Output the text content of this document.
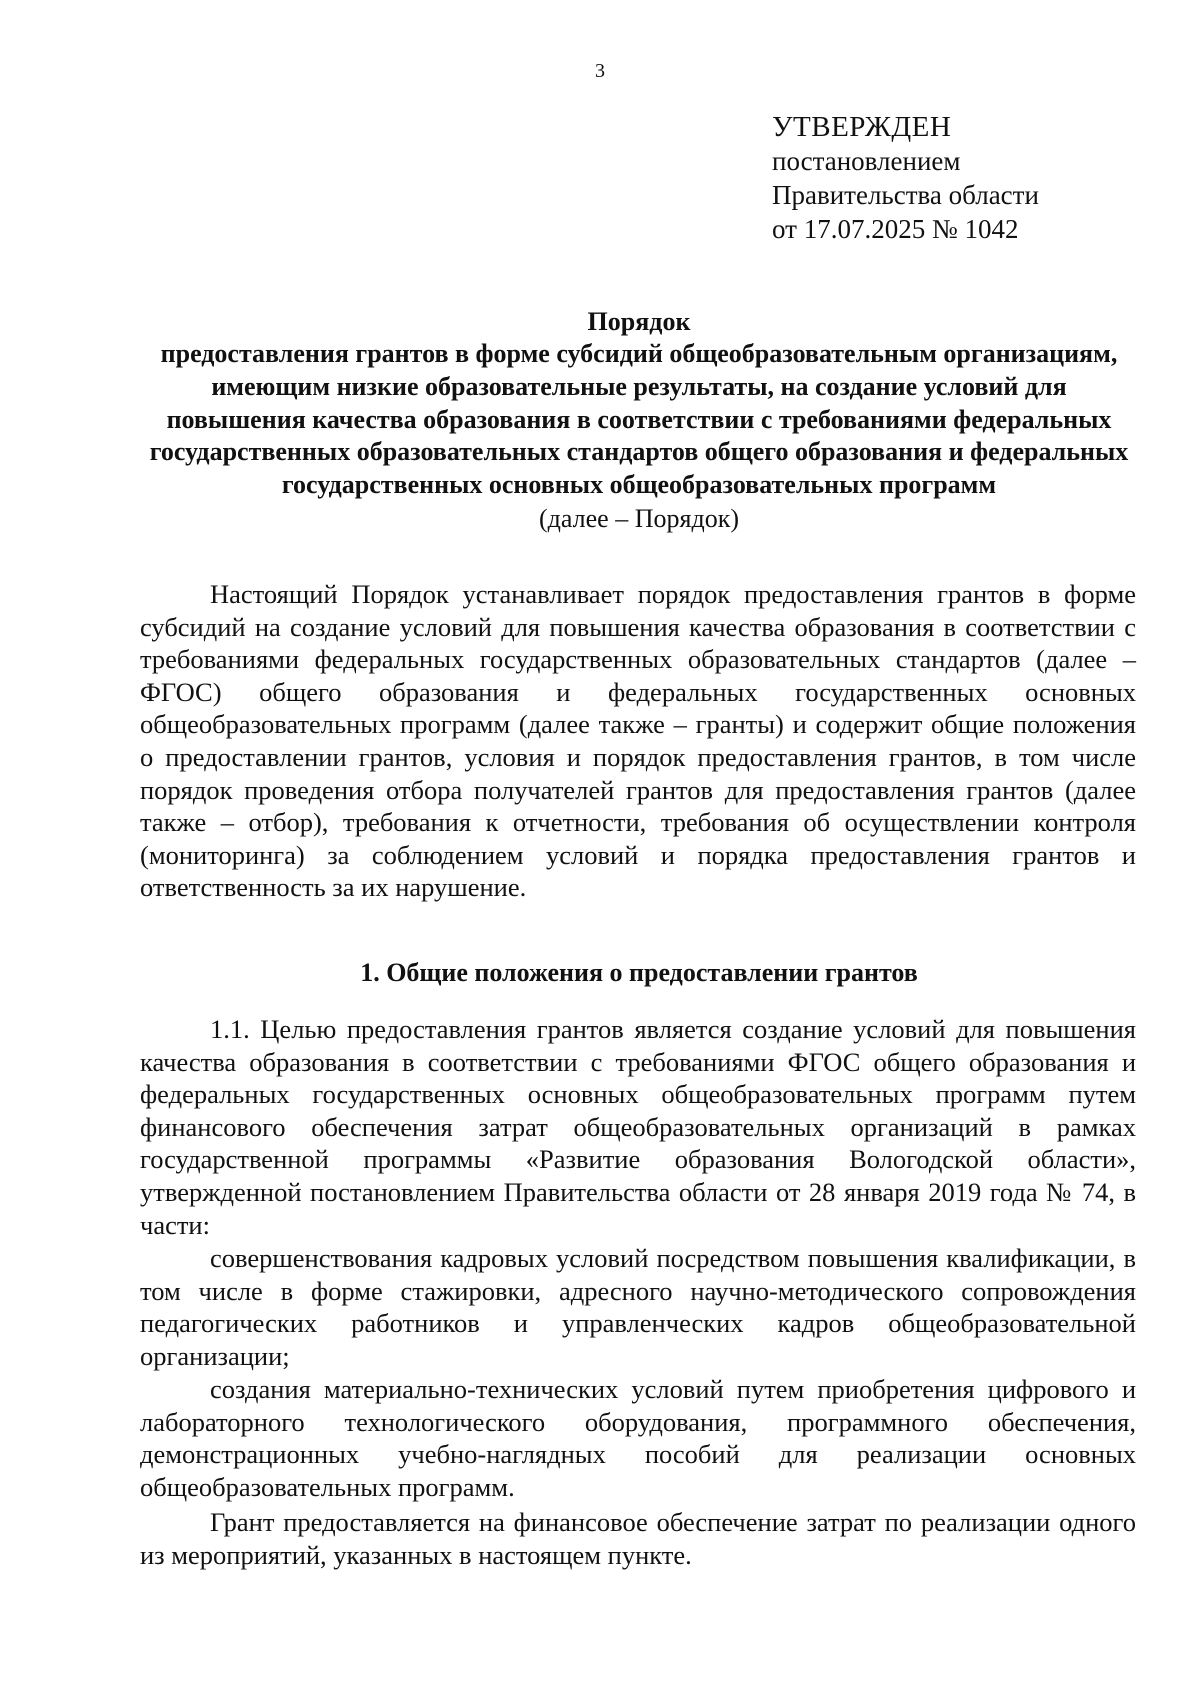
3
УТВЕРЖДЕН
постановлением
Правительства области
от 17.07.2025 № 1042
Порядок
предоставления грантов в форме субсидий общеобразовательным организациям, имеющим низкие образовательные результаты, на создание условий для повышения качества образования в соответствии с требованиями федеральных государственных образовательных стандартов общего образования и федеральных государственных основных общеобразовательных программ
(далее – Порядок)
Настоящий Порядок устанавливает порядок предоставления грантов в форме субсидий на создание условий для повышения качества образования в соответствии с требованиями федеральных государственных образовательных стандартов (далее – ФГОС) общего образования и федеральных государственных основных общеобразовательных программ (далее также – гранты) и содержит общие положения о предоставлении грантов, условия и порядок предоставления грантов, в том числе порядок проведения отбора получателей грантов для предоставления грантов (далее также – отбор), требования к отчетности, требования об осуществлении контроля (мониторинга) за соблюдением условий и порядка предоставления грантов и ответственность за их нарушение.
1. Общие положения о предоставлении грантов
1.1. Целью предоставления грантов является создание условий для повышения качества образования в соответствии с требованиями ФГОС общего образования и федеральных государственных основных общеобразовательных программ путем финансового обеспечения затрат общеобразовательных организаций в рамках государственной программы «Развитие образования Вологодской области», утвержденной постановлением Правительства области от 28 января 2019 года № 74, в части:
совершенствования кадровых условий посредством повышения квалификации, в том числе в форме стажировки, адресного научно-методического сопровождения педагогических работников и управленческих кадров общеобразовательной организации;
создания материально-технических условий путем приобретения цифрового и лабораторного технологического оборудования, программного обеспечения, демонстрационных учебно-наглядных пособий для реализации основных общеобразовательных программ.
Грант предоставляется на финансовое обеспечение затрат по реализации одного из мероприятий, указанных в настоящем пункте.
